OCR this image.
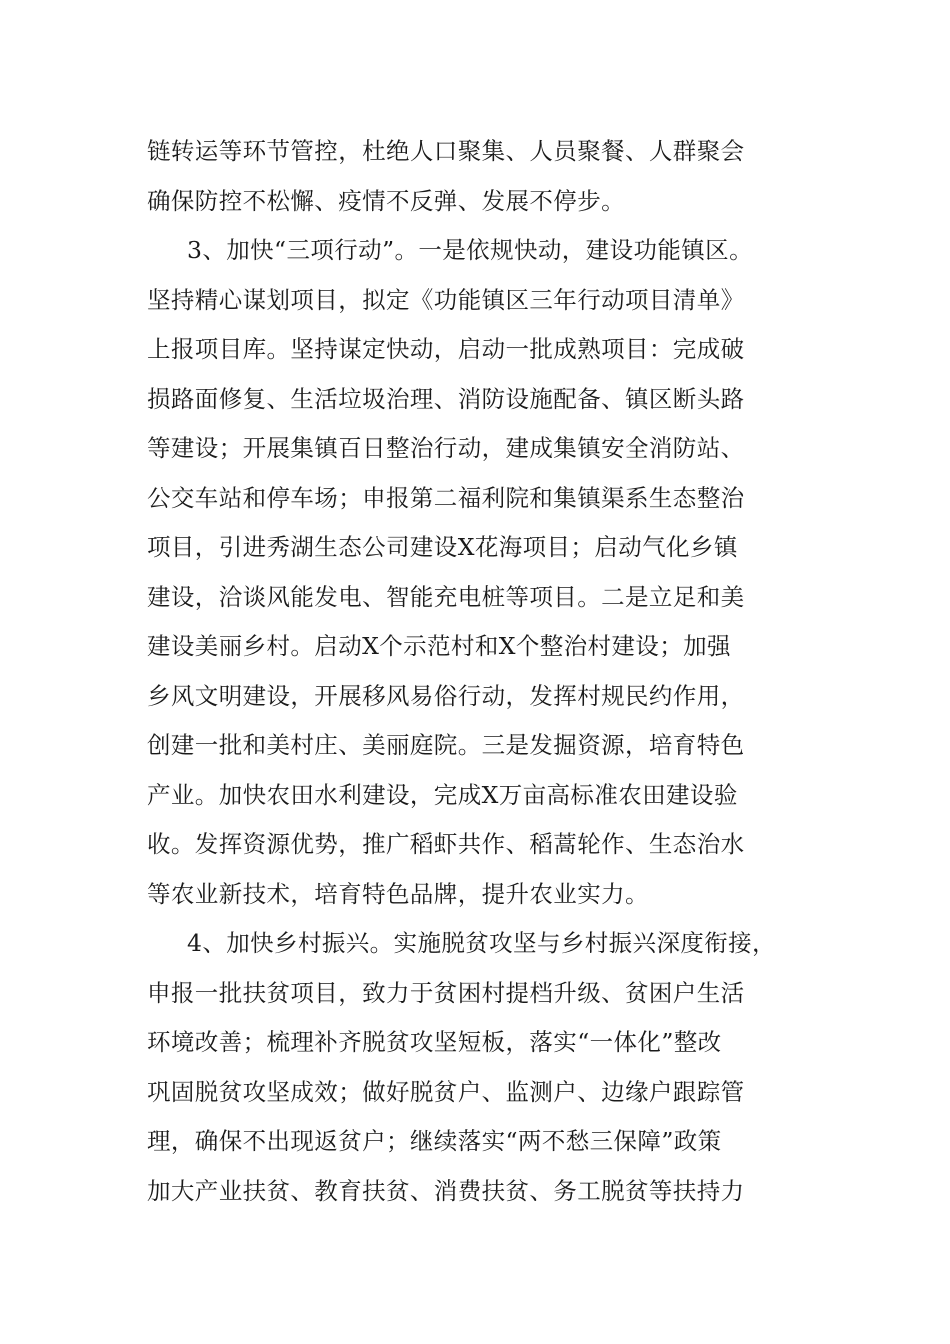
链转运等环节管控，杜绝人口聚集、人员聚餐、人群聚会
确保防控不松懈、疫情不反弹、发展不停步。
3、加快“三项行动”。一是依规快动，建设功能镇区。
坚持精心谋划项目，拟定《功能镇区三年行动项目清单》
上报项目库。坚持谋定快动，启动一批成熟项目：完成破
损路面修复、生活垃圾治理、消防设施配备、镇区断头路
等建设；开展集镇百日整治行动，建成集镇安全消防站、
公交车站和停车场；申报第二福利院和集镇渠系生态整治
项目，引进秀湖生态公司建设X花海项目；启动气化乡镇
建设，洽谈风能发电、智能充电桩等项目。二是立足和美
建设美丽乡村。启动X个示范村和X个整治村建设；加强
乡风文明建设，开展移风易俗行动，发挥村规民约作用，
创建一批和美村庄、美丽庭院。三是发掘资源，培育特色
产业。加快农田水利建设，完成X万亩高标准农田建设验
收。发挥资源优势，推广稻虾共作、稻蒿轮作、生态治水
等农业新技术，培育特色品牌，提升农业实力。
4、加快乡村振兴。实施脱贫攻坚与乡村振兴深度衔接，
申报一批扶贫项目，致力于贫困村提档升级、贫困户生活
环境改善；梳理补齐脱贫攻坚短板，落实“一体化”整改
巩固脱贫攻坚成效；做好脱贫户、监测户、边缘户跟踪管
理，确保不出现返贫户；继续落实“两不愁三保障”政策
加大产业扶贫、教育扶贫、消费扶贫、务工脱贫等扶持力
